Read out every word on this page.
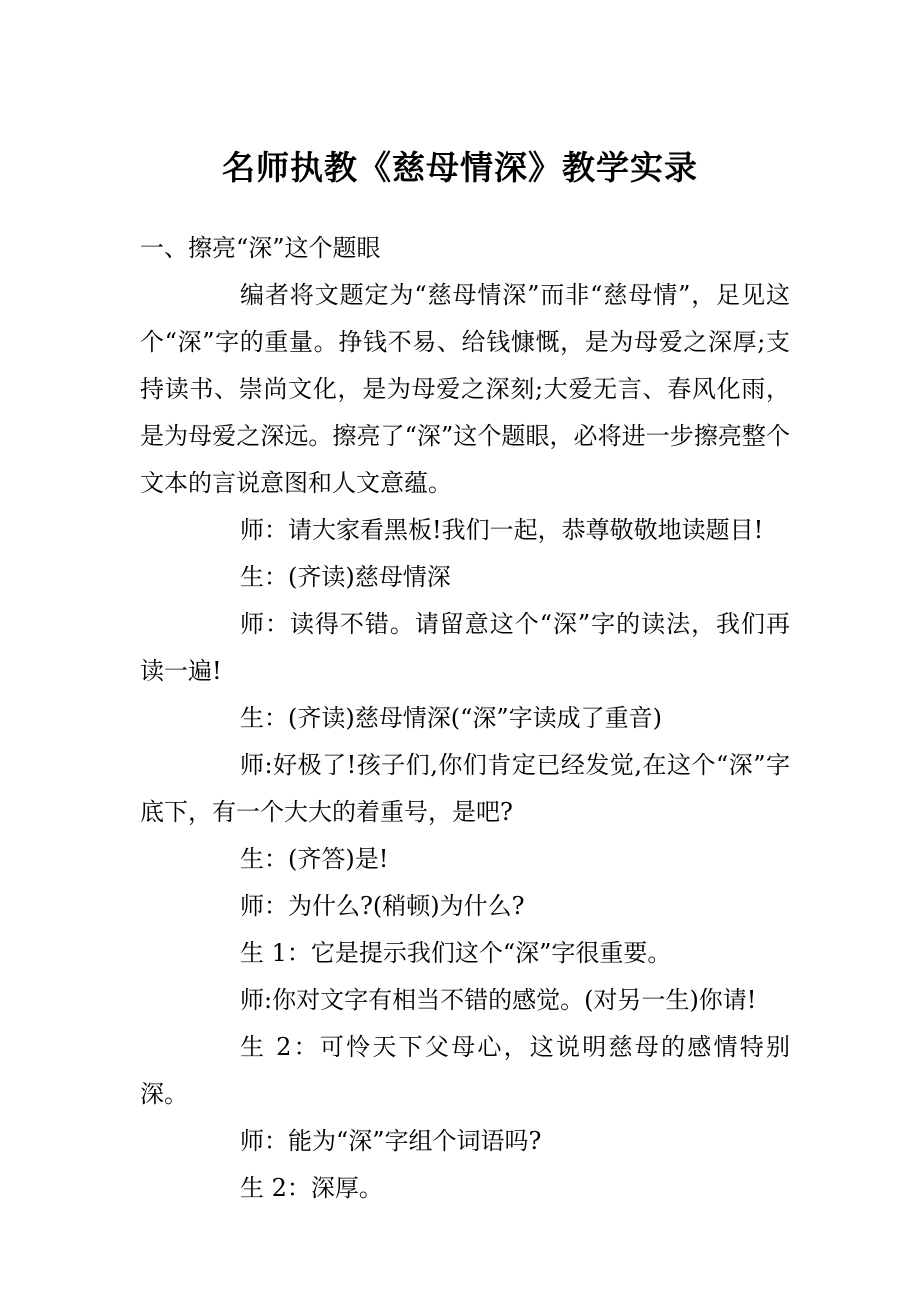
名师执教《慈母情深》教学实录

一、擦亮“深”这个题眼

编者将文题定为“慈母情深”而非“慈母情”，足见这个“深”字的重量。挣钱不易、给钱慷慨，是为母爱之深厚;支持读书、崇尚文化，是为母爱之深刻;大爱无言、春风化雨，是为母爱之深远。擦亮了“深”这个题眼，必将进一步擦亮整个文本的言说意图和人文意蕴。

师：请大家看黑板!我们一起，恭尊敬敬地读题目!

生：(齐读)慈母情深

师：读得不错。请留意这个“深”字的读法，我们再读一遍!

生：(齐读)慈母情深(“深”字读成了重音)

师:好极了!孩子们,你们肯定已经发觉,在这个“深”字底下，有一个大大的着重号，是吧?

生：(齐答)是!

师：为什么?(稍顿)为什么?

生 1：它是提示我们这个“深”字很重要。

师:你对文字有相当不错的感觉。(对另一生)你请!

生 2：可怜天下父母心，这说明慈母的感情特别深。

师：能为“深”字组个词语吗?

生 2：深厚。
